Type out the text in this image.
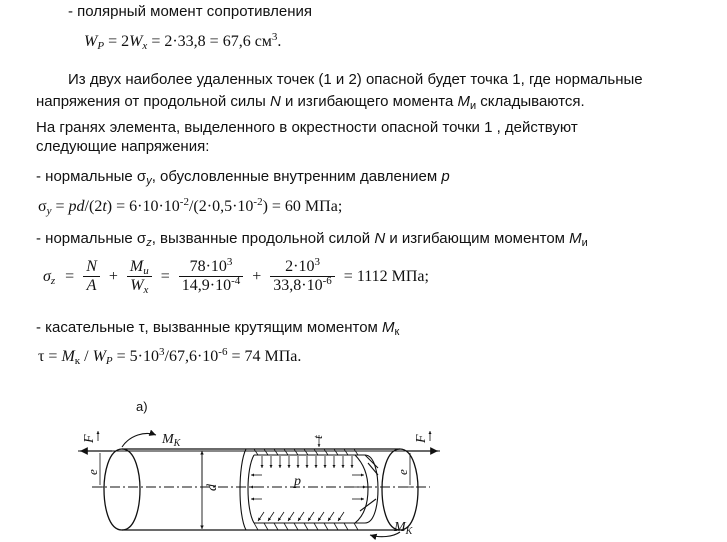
- полярный момент сопротивления
$W_P = 2W_x = 2\cdot 33,8 = 67,6$ $см^3$.
Из двух наиболее удаленных точек (1 и 2) опасной будет точка 1, где нормальные
напряжения от продольной силы N и изгибающего момента $M_и$ складываются.
На гранях элемента, выделенного в окрестности опасной точки 1 , действуют
следующие напряжения:
- нормальные $\sigma_y$, обусловленные внутренним давлением p
$\sigma_y = pd/(2t) = 6\cdot 10\cdot 10^{-2}/(2\cdot 0,5\cdot 10^{-2}) = 60$ МПа;
- нормальные $\sigma_z$, вызванные продольной силой N и изгибающим моментом $M_и$
$\sigma_z = \frac{N}{A} + \frac{M_и}{W_x} = \frac{78\cdot 10^3}{14,9\cdot 10^{-4}} + \frac{2\cdot 10^3}{33,8\cdot 10^{-6}} = 1112$ МПа;
- касательные τ, вызванные крутящим моментом $M_к$
$\tau = M_к / W_P = 5\cdot 10^3/67,6\cdot 10^{-6} = 74$ МПа.
а)
F	F
$M_K$
$M_K$
e	e
d
t
p
